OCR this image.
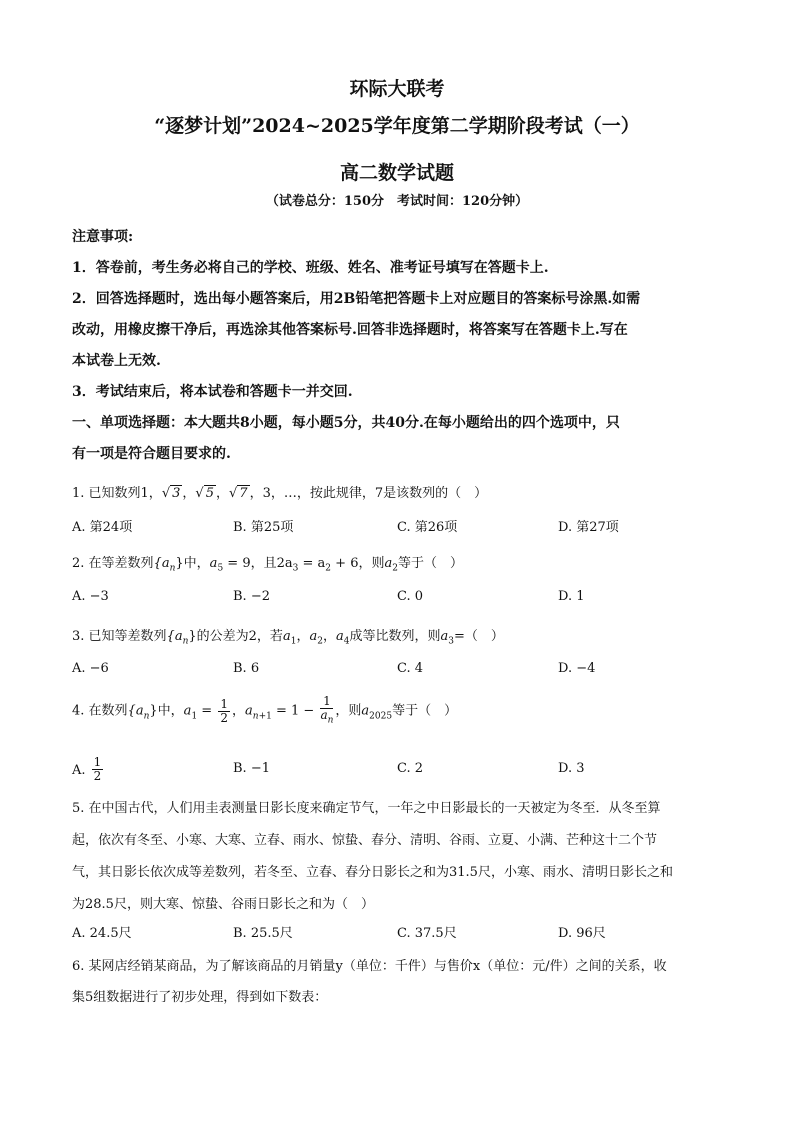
环际大联考
“逐梦计划”2024~2025学年度第二学期阶段考试（一）
高二数学试题
（试卷总分：150分　考试时间：120分钟）
注意事项:
1．答卷前，考生务必将自己的学校、班级、姓名、准考证号填写在答题卡上.
2．回答选择题时，选出每小题答案后，用2B铅笔把答题卡上对应题目的答案标号涂黑.如需
改动，用橡皮擦干净后，再选涂其他答案标号.回答非选择题时，将答案写在答题卡上.写在
本试卷上无效.
3．考试结束后，将本试卷和答题卡一并交回.
一、单项选择题：本大题共8小题，每小题5分，共40分.在每小题给出的四个选项中，只
有一项是符合题目要求的.
1. 已知数列1，√ 3 ，√ 5 ，√ 7 ，3，…，按此规律，7是该数列的（　）
A. 第24项	B. 第25项	C. 第26项	D. 第27项
2. 在等差数列$\{a_n\}$中，$a_5 = 9$，且$2a_3 = a_2 + 6$，则$a_2$等于（　）
A. −3	B. −2	C. 0	D. 1
3. 已知等差数列$\{a_n\}$的公差为2，若$a_1$，$a_2$，$a_4$成等比数列，则$a_3=$（　）
A. −6	B. 6	C. 4	D. −4
4. 在数列$\{a_n\}$中，$a_1 = \frac{1}{2}$ ，$a_{n+1} = 1 - \frac{1}{a_n}$ ，则$a_{2025}$等于（　）
A. $\frac{1}{2}$	B. −1	C. 2	D. 3
5. 在中国古代，人们用圭表测量日影长度来确定节气，一年之中日影最长的一天被定为冬至．从冬至算
起，依次有冬至、小寒、大寒、立春、雨水、惊蛰、春分、清明、谷雨、立夏、小满、芒种这十二个节
气，其日影长依次成等差数列，若冬至、立春、春分日影长之和为31.5尺，小寒、雨水、清明日影长之和
为28.5尺，则大寒、惊蛰、谷雨日影长之和为（　）
A. 24.5尺	B. 25.5尺	C. 37.5尺	D. 96尺
6. 某网店经销某商品，为了解该商品的月销量y（单位：千件）与售价x（单位：元/件）之间的关系，收
集5组数据进行了初步处理，得到如下数表：
